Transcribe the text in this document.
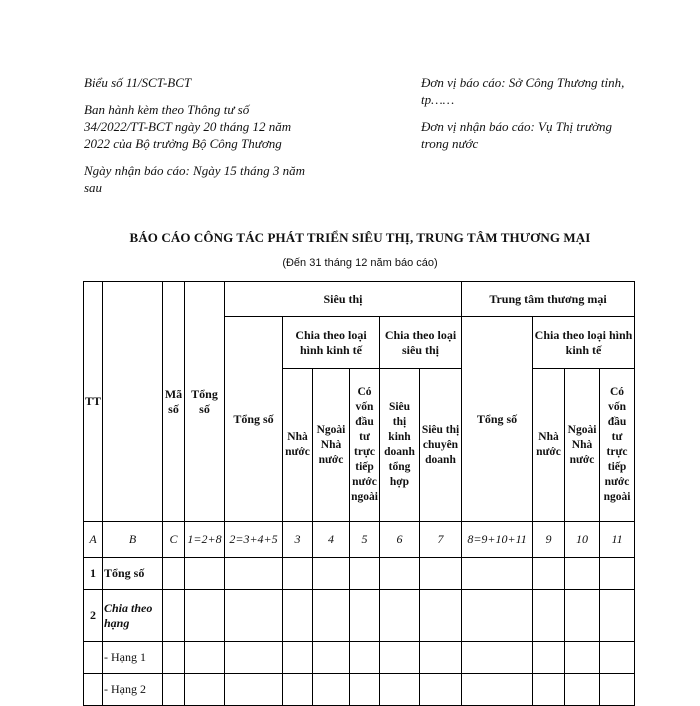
Biểu số 11/SCT-BCT

Ban hành kèm theo Thông tư số 34/2022/TT-BCT ngày 20 tháng 12 năm 2022 của Bộ trưởng Bộ Công Thương

Ngày nhận báo cáo: Ngày 15 tháng 3 năm sau

Đơn vị báo cáo: Sở Công Thương tỉnh, tp……

Đơn vị nhận báo cáo: Vụ Thị trường trong nước

BÁO CÁO CÔNG TÁC PHÁT TRIỂN SIÊU THỊ, TRUNG TÂM THƯƠNG MẠI
(Đến 31 tháng 12 năm báo cáo)
TT		Mã số	Tổng số	Siêu thị						Trung tâm thương mại			
				Tổng số	Chia theo loại hình kinh tế			Chia theo loại siêu thị		Tổng số	Chia theo loại hình kinh tế		
					Nhà nước	Ngoài Nhà nước	Có vốn đầu tư trực tiếp nước ngoài	Siêu thị kinh doanh tổng hợp	Siêu thị chuyên doanh		Nhà nước	Ngoài Nhà nước	Có vốn đầu tư trực tiếp nước ngoài
A	B	C	1=2+8	2=3+4+5	3	4	5	6	7	8=9+10+11	9	10	11
1	Tổng số												
2	Chia theo hạng												
	- Hạng 1												
	- Hạng 2												
